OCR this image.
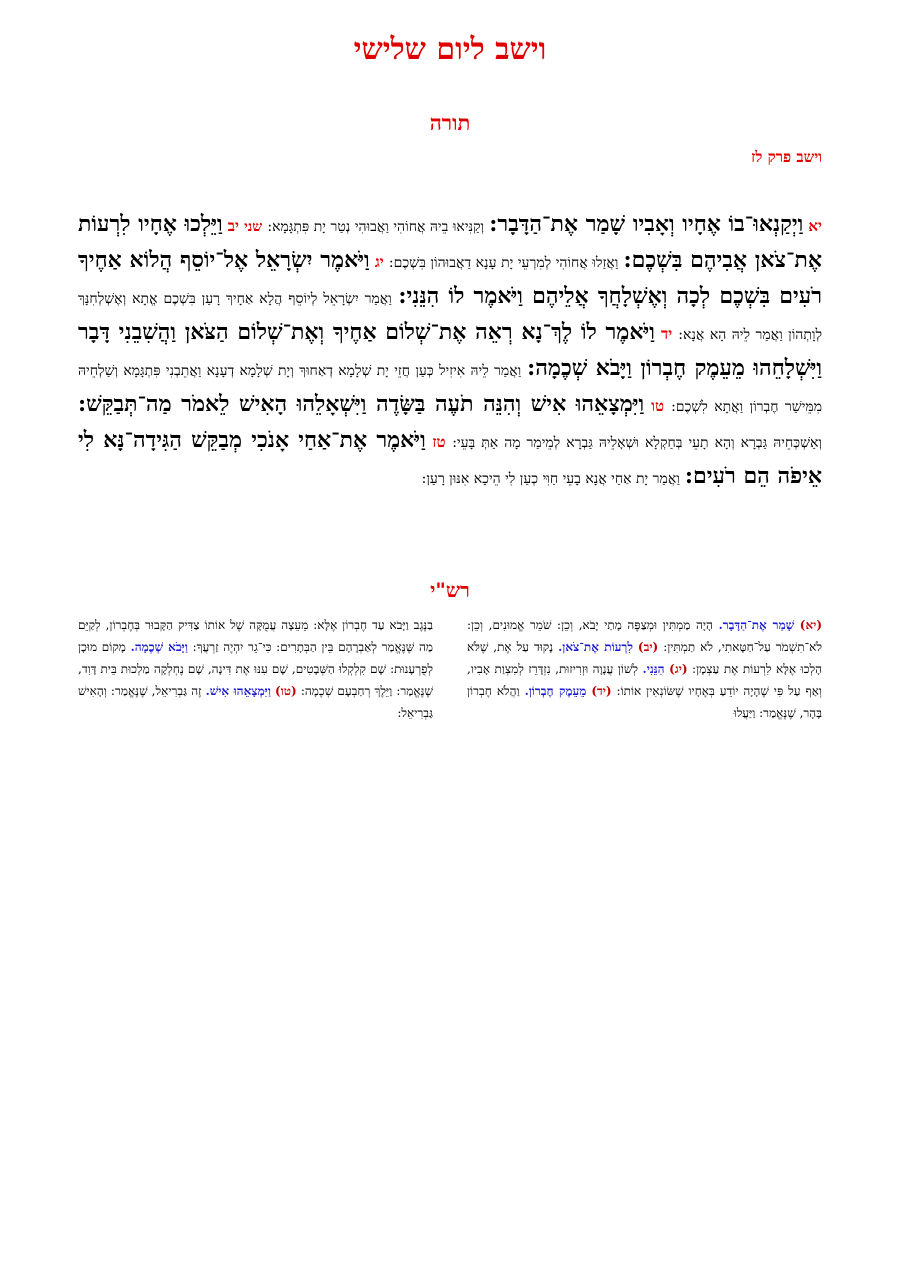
וישב ליום שלישי
תורה
וישב פרק לז
יא וַיְקַנְאוּ־בוֹ אֶחָיו וְאָבִיו שָׁמַר אֶת־הַדָּבָר: וְקַנִּיאוּ בֵיהּ אֲחוֹהִי וַאֲבוּהִי נְטַר יָת פִּתְגָּמָא: שני יב וַיֵּלְכוּ אֶחָיו לִרְעוֹת אֶת־צֹאן אֲבִיהֶם בִּשְׁכֶם: וַאֲזַלוּ אֲחוֹהִי לְמִרְעֵי יָת עָנָא דַאֲבוּהוֹן בִּשְׁכֶם: יג וַיֹּאמֶר יִשְׂרָאֵל אֶל־יוֹסֵף הֲלוֹא אַחֶיךָ רֹעִים בִּשְׁכֶם לְכָה וְאֶשְׁלָחֲךָ אֲלֵיהֶם וַיֹּאמֶר לוֹ הִנֵּנִי: וַאֲמַר יִשְׂרָאֵל לְיוֹסֵף הֲלָא אַחָיךְ רָעַן בִּשְׁכֶם אֱתָא וְאֶשְׁלְחִנָּךְ לְוָתְהוֹן וַאֲמַר לֵיהּ הָא אֲנָא: יד וַיֹּאמֶר לוֹ לֶךְ־נָא רְאֵה אֶת־שְׁלוֹם אַחֶיךָ וְאֶת־שְׁלוֹם הַצֹּאן וַהֲשִׁבֵנִי דָּבָר וַיִּשְׁלָחֵהוּ מֵעֵמֶק חֶבְרוֹן וַיָּבֹא שְׁכֶמָה: וַאֲמַר לֵיהּ אִיזִיל כְּעַן חֲזֵי יָת שְׁלָמָא דְאַחוּךְ וְיָת שְׁלָמָא דְעָנָא וַאֲתֵבְנִי פִּתְגָּמָא וְשַׁלְחֵיהּ מִמֵּישַׁר חֶבְרוֹן וַאֲתָא לִשְׁכֶם: טו וַיִּמְצָאֵהוּ אִישׁ וְהִנֵּה תֹעֶה בַּשָּׂדֶה וַיִּשְׁאָלֵהוּ הָאִישׁ לֵאמֹר מַה־תְּבַקֵּשׁ: וְאַשְׁכְּחֵיהּ גַּבְרָא וְהָא תָעֵי בְּחַקְלָא וּשְׁאָלֵיהּ גַּבְרָא לְמֵימַר מָה אַתְּ בָּעֵי: טז וַיֹּאמֶר אֶת־אַחַי אָנֹכִי מְבַקֵּשׁ הַגִּידָה־נָּא לִי אֵיפֹה הֵם רֹעִים: וַאֲמַר יָת אַחַי אֲנָא בָעֵי חַוִּי כְעַן לִי הֵיכָא אִנּוּן רָעַן:
רש"י
(יא) שָׁמַר אֶת־הַדָּבָר. הָיָה מַמְתִּין וּמְצַפֶּה מָתַי יָבֹא, וְכֵן: שֹׁמֵר אֱמוּנִים, וְכֵן: לֹא־תִשְׁמֹר עַל־חַטָּאתִי, לֹא תַמְתִּין: (יב) לִרְעוֹת אֶת־צֹאן. נָקוּד עַל אֶת, שֶׁלֹּא הָלְכוּ אֶלָּא לִרְעוֹת אֶת עַצְמָן: (יג) הִנֵּנִי. לְשׁוֹן עֲנָוָה וּזְרִיזוּת, נִזְדָּרֵז לְמִצְוַת אָבִיו, וְאַף עַל פִּי שֶׁהָיָה יוֹדֵעַ בְּאֶחָיו שֶׁשּׂוֹנְאִין אוֹתוֹ: (יד) מֵעֵמֶק חֶבְרוֹן. וַהֲלֹא חֶבְרוֹן בָּהָר, שֶׁנֶּאֱמַר: וַיַּעֲלוּ
בַנֶּגֶב וַיָּבֹא עַד חֶבְרוֹן אֶלָּא: מֵעֵצָה עֲמֻקָּה שֶׁל אוֹתוֹ צַדִּיק הַקָּבוּר בְּחֶבְרוֹן, לְקַיֵּם מַה שֶּׁנֶּאֱמַר לְאַבְרָהָם בֵּין הַבְּתָרִים: כִּי־גֵר יִהְיֶה זַרְעֲךָ: וַיָּבֹא שְׁכֶמָה. מָקוֹם מוּכָן לְפֻרְעָנוּת: שָׁם קִלְקְלוּ הַשְּׁבָטִים, שָׁם עִנּוּ אֶת דִּינָה, שָׁם נֶחְלְקָה מַלְכוּת בֵּית דָּוִד, שֶׁנֶּאֱמַר: וַיֵּלֶךְ רְחַבְעָם שְׁכֶמָה: (טו) וַיִּמְצָאֵהוּ אִישׁ. זֶה גַּבְרִיאֵל, שֶׁנֶּאֱמַר: וְהָאִישׁ גַּבְרִיאֵל:
